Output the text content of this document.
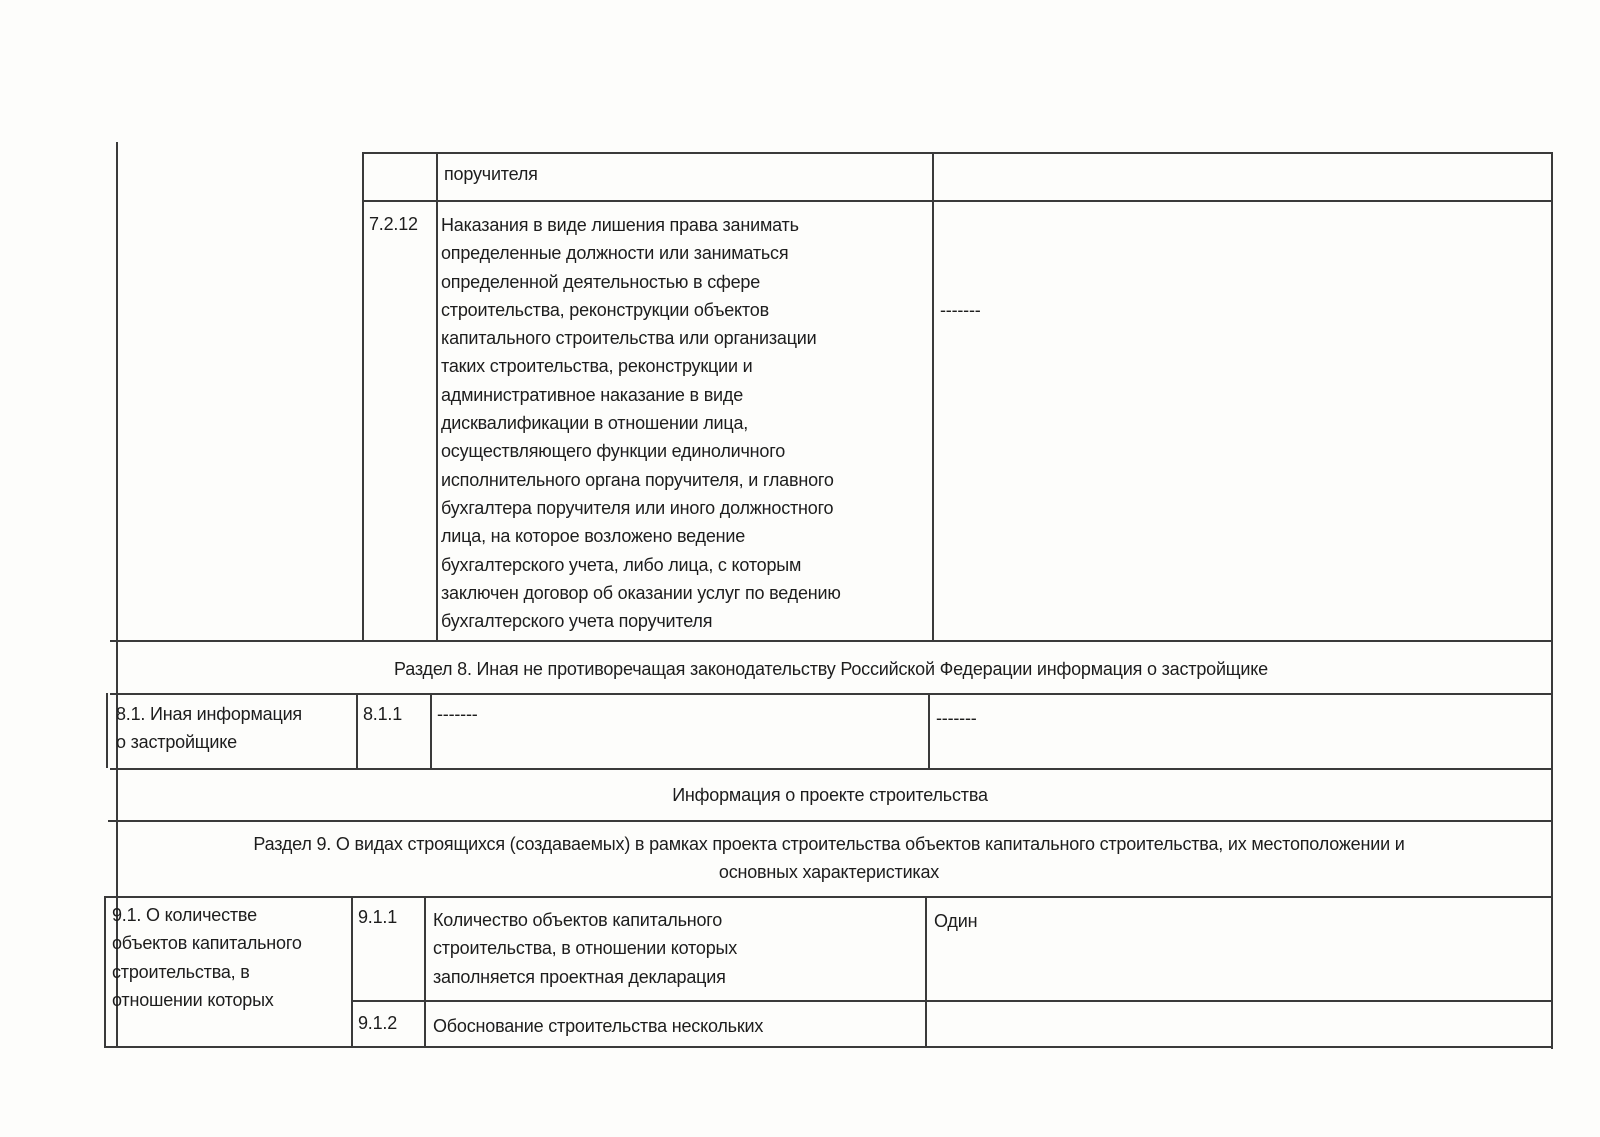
поручителя
7.2.12 Наказания в виде лишения права занимать
определенные должности или заниматься
определенной деятельностью в сфере
строительства, реконструкции объектов
капитального строительства или организации
таких строительства, реконструкции и
административное наказание в виде
дисквалификации в отношении лица,
осуществляющего функции единоличного
исполнительного органа поручителя, и главного
бухгалтера поручителя или иного должностного
лица, на которое возложено ведение
бухгалтерского учета, либо лица, с которым
заключен договор об оказании услуг по ведению
бухгалтерского учета поручителя
-------
Раздел 8. Иная не противоречащая законодательству Российской Федерации информация о застройщике
8.1. Иная информация
о застройщике
8.1.1 -------	-------
Информация о проекте строительства
Раздел 9. О видах строящихся (создаваемых) в рамках проекта строительства объектов капитального строительства, их местоположении и
основных характеристиках
9.1. О количестве
объектов капитального
строительства, в
отношении которых
9.1.1 Количество объектов капитального
строительства, в отношении которых
заполняется проектная декларация
Один
9.1.2 Обоснование строительства нескольких
